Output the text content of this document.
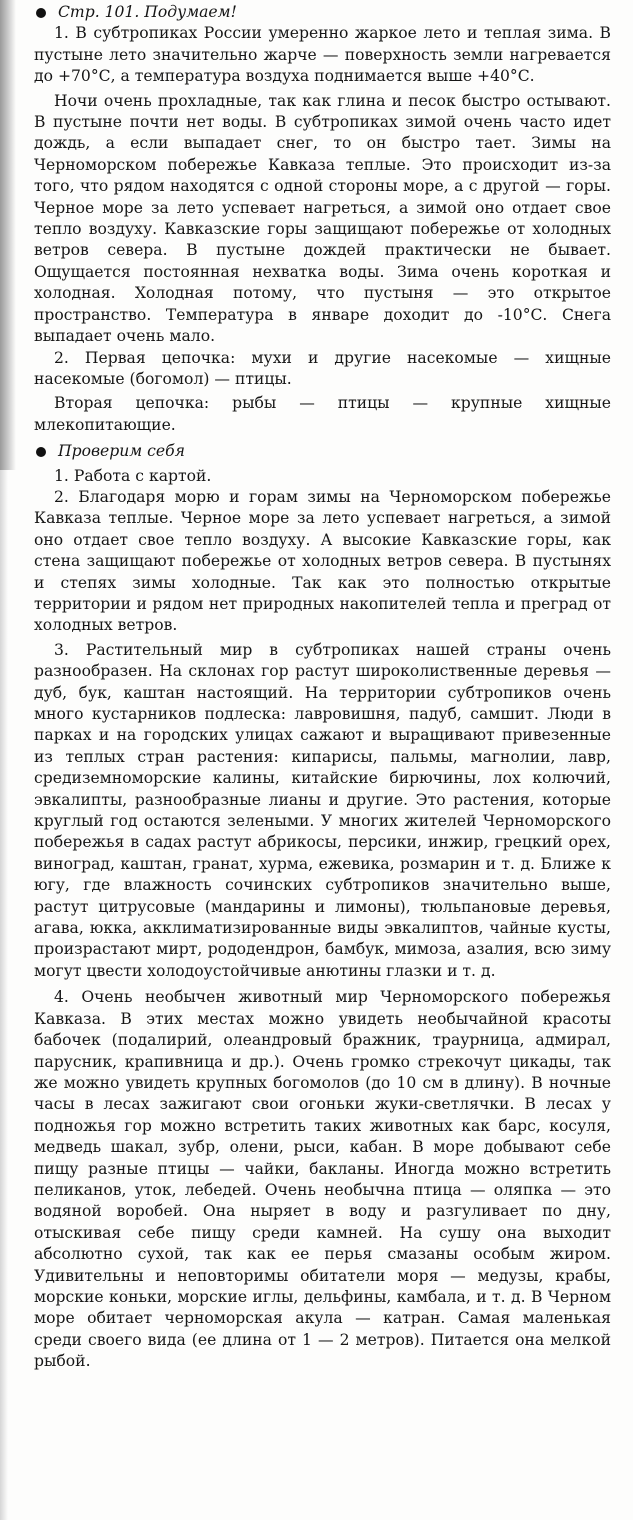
Стр. 101. Подумаем!

1. В субтропиках России умеренно жаркое лето и теплая зима. В пустыне лето значительно жарче — поверхность земли нагревается до +70°С, а температура воздуха поднимается выше +40°С.

Ночи очень прохладные, так как глина и песок быстро остывают. В пустыне почти нет воды. В субтропиках зимой очень часто идет дождь, а если выпадает снег, то он быстро тает. Зимы на Черноморском побережье Кавказа теплые. Это происходит из-за того, что рядом находятся с одной стороны море, а с другой — горы. Черное море за лето успевает нагреться, а зимой оно отдает свое тепло воздуху. Кавказские горы защищают побережье от холодных ветров севера. В пустыне дождей практически не бывает. Ощущается постоянная нехватка воды. Зима очень короткая и холодная. Холодная потому, что пустыня — это открытое пространство. Температура в январе доходит до -10°С. Снега выпадает очень мало.

2. Первая цепочка: мухи и другие насекомые — хищные насекомые (богомол) — птицы.

Вторая цепочка: рыбы — птицы — крупные хищные млекопитающие.

Проверим себя

1. Работа с картой.

2. Благодаря морю и горам зимы на Черноморском побережье Кавказа теплые. Черное море за лето успевает нагреться, а зимой оно отдает свое тепло воздуху. А высокие Кавказские горы, как стена защищают побережье от холодных ветров севера. В пустынях и степях зимы холодные. Так как это полностью открытые территории и рядом нет природных накопителей тепла и преград от холодных ветров.

3. Растительный мир в субтропиках нашей страны очень разнообразен. На склонах гор растут широколиственные деревья — дуб, бук, каштан настоящий. На территории субтропиков очень много кустарников подлеска: лавровишня, падуб, самшит. Люди в парках и на городских улицах сажают и выращивают привезенные из теплых стран растения: кипарисы, пальмы, магнолии, лавр, средиземноморские калины, китайские бирючины, лох колючий, эвкалипты, разнообразные лианы и другие. Это растения, которые круглый год остаются зелеными. У многих жителей Черноморского побережья в садах растут абрикосы, персики, инжир, грецкий орех, виноград, каштан, гранат, хурма, ежевика, розмарин и т. д. Ближе к югу, где влажность сочинских субтропиков значительно выше, растут цитрусовые (мандарины и лимоны), тюльпановые деревья, агава, юкка, акклиматизированные виды эвкалиптов, чайные кусты, произрастают мирт, рододендрон, бамбук, мимоза, азалия, всю зиму могут цвести холодоустойчивые анютины глазки и т. д.

4. Очень необычен животный мир Черноморского побережья Кавказа. В этих местах можно увидеть необычайной красоты бабочек (подалирий, олеандровый бражник, траурница, адмирал, парусник, крапивница и др.). Очень громко стрекочут цикады, так же можно увидеть крупных богомолов (до 10 см в длину). В ночные часы в лесах зажигают свои огоньки жуки-светлячки. В лесах у подножья гор можно встретить таких животных как барс, косуля, медведь шакал, зубр, олени, рыси, кабан. В море добывают себе пищу разные птицы — чайки, бакланы. Иногда можно встретить пеликанов, уток, лебедей. Очень необычна птица — оляпка — это водяной воробей. Она ныряет в воду и разгуливает по дну, отыскивая себе пищу среди камней. На сушу она выходит абсолютно сухой, так как ее перья смазаны особым жиром. Удивительны и неповторимы обитатели моря — медузы, крабы, морские коньки, морские иглы, дельфины, камбала, и т. д. В Черном море обитает черноморская акула — катран. Самая маленькая среди своего вида (ее длина от 1 — 2 метров). Питается она мелкой рыбой.
